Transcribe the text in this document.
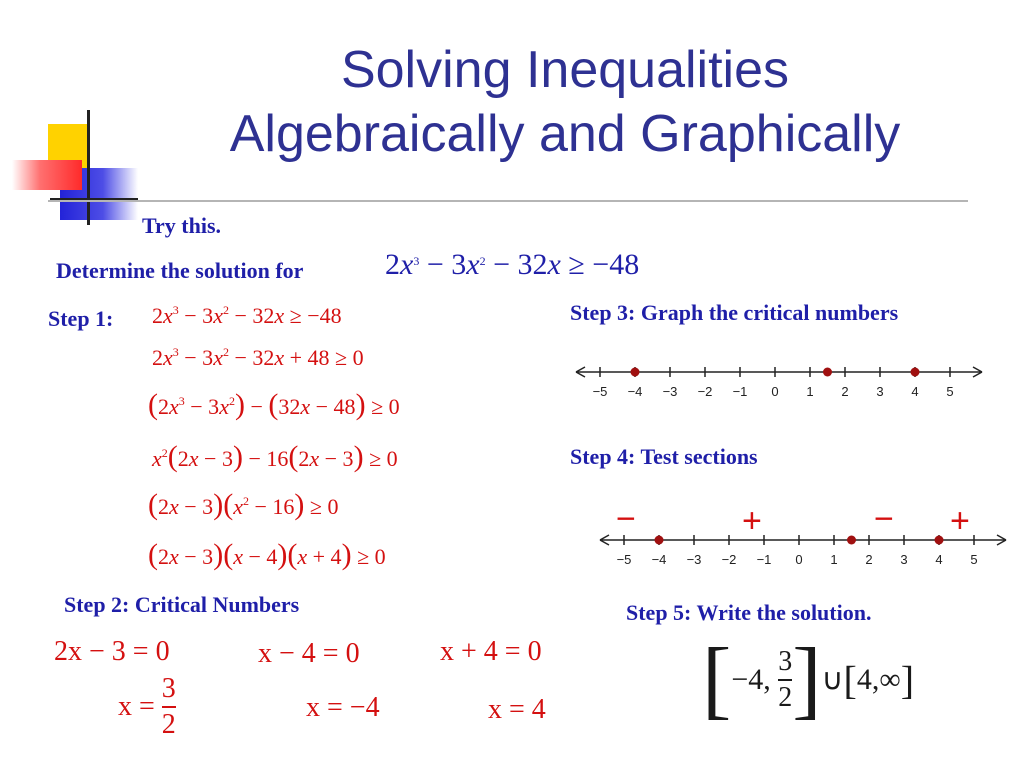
Solving Inequalities
Algebraically and Graphically
Try this.
Determine the solution for	$2x^3 - 3x^2 - 32x \ge -48$
Step 1: $2x^3 - 3x^2 - 32x \ge -48$
$2x^3 - 3x^2 - 32x + 48 \ge 0$
$(2x^3 - 3x^2) - (32x - 48) \ge 0$
$x^2(2x - 3) - 16(2x - 3) \ge 0$
$(2x - 3)(x^2 - 16) \ge 0$
(2x − 3)(x − 4)(x + 4) ≥ 0
Step 2: Critical Numbers
2x − 3 = 0	x − 4 = 0	x + 4 = 0
$x = \frac{3}{2}$	x = −4	x = 4
Step 3: Graph the critical numbers
−5 −4 −3 −2 −1 0 1 2 3 4 5
Step 4: Test sections
−	+	− +
−5 −4 −3 −2 −1 0 1 2 3 4 5
Step 5: Write the solution.
[−4, $\frac{3}{2}$ ]∪[4,∞]
